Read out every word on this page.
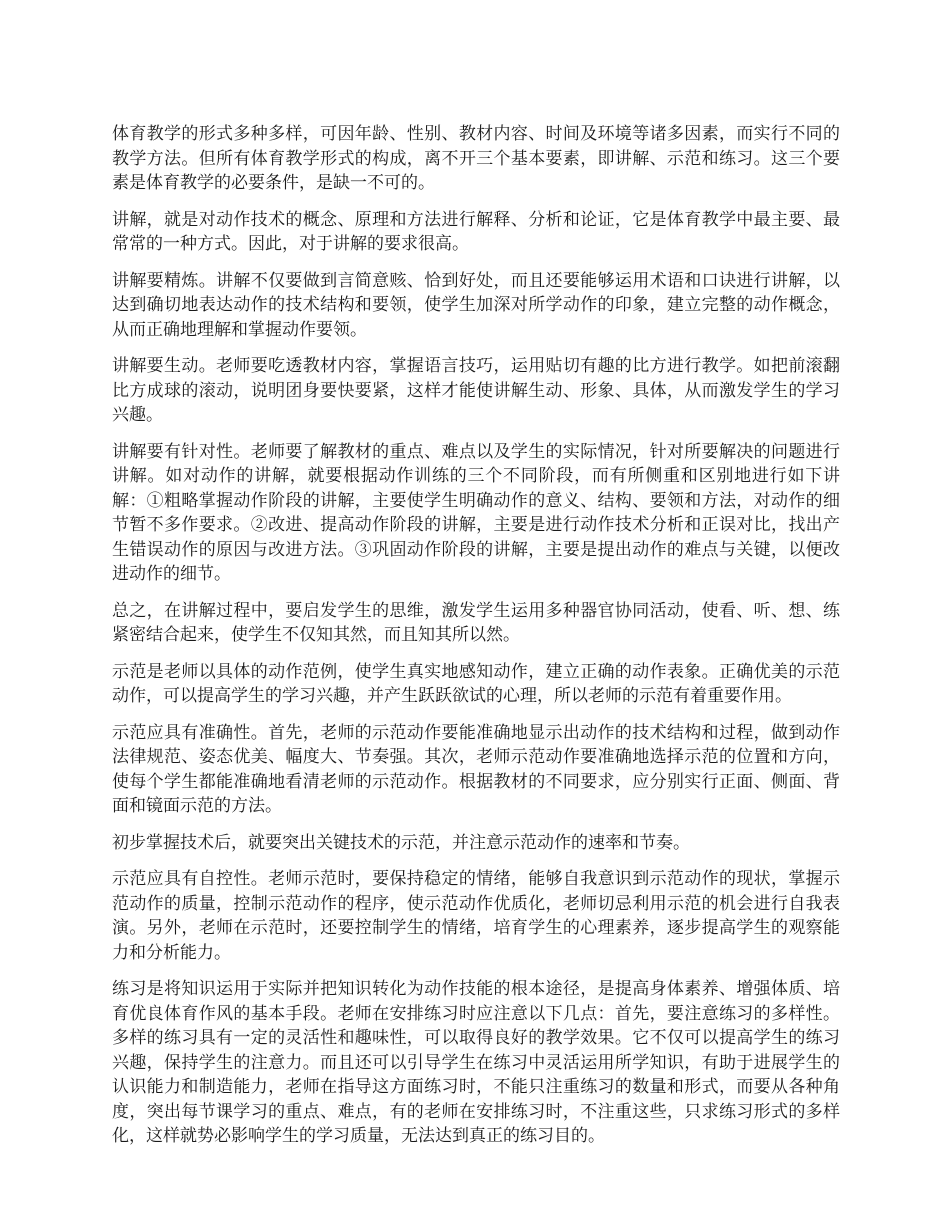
体育教学的形式多种多样，可因年龄、性别、教材内容、时间及环境等诸多因素，而实行不同的教学方法。但所有体育教学形式的构成，离不开三个基本要素，即讲解、示范和练习。这三个要素是体育教学的必要条件，是缺一不可的。

讲解，就是对动作技术的概念、原理和方法进行解释、分析和论证，它是体育教学中最主要、最常常的一种方式。因此，对于讲解的要求很高。

讲解要精炼。讲解不仅要做到言简意赅、恰到好处，而且还要能够运用术语和口诀进行讲解，以达到确切地表达动作的技术结构和要领，使学生加深对所学动作的印象，建立完整的动作概念，从而正确地理解和掌握动作要领。

讲解要生动。老师要吃透教材内容，掌握语言技巧，运用贴切有趣的比方进行教学。如把前滚翻比方成球的滚动，说明团身要快要紧，这样才能使讲解生动、形象、具体，从而激发学生的学习兴趣。

讲解要有针对性。老师要了解教材的重点、难点以及学生的实际情况，针对所要解决的问题进行讲解。如对动作的讲解，就要根据动作训练的三个不同阶段，而有所侧重和区别地进行如下讲解：①粗略掌握动作阶段的讲解，主要使学生明确动作的意义、结构、要领和方法，对动作的细节暂不多作要求。②改进、提高动作阶段的讲解，主要是进行动作技术分析和正误对比，找出产生错误动作的原因与改进方法。③巩固动作阶段的讲解，主要是提出动作的难点与关键，以便改进动作的细节。

总之，在讲解过程中，要启发学生的思维，激发学生运用多种器官协同活动，使看、听、想、练紧密结合起来，使学生不仅知其然，而且知其所以然。

示范是老师以具体的动作范例，使学生真实地感知动作，建立正确的动作表象。正确优美的示范动作，可以提高学生的学习兴趣，并产生跃跃欲试的心理，所以老师的示范有着重要作用。

示范应具有准确性。首先，老师的示范动作要能准确地显示出动作的技术结构和过程，做到动作法律规范、姿态优美、幅度大、节奏强。其次，老师示范动作要准确地选择示范的位置和方向，使每个学生都能准确地看清老师的示范动作。根据教材的不同要求，应分别实行正面、侧面、背面和镜面示范的方法。

初步掌握技术后，就要突出关键技术的示范，并注意示范动作的速率和节奏。

示范应具有自控性。老师示范时，要保持稳定的情绪，能够自我意识到示范动作的现状，掌握示范动作的质量，控制示范动作的程序，使示范动作优质化，老师切忌利用示范的机会进行自我表演。另外，老师在示范时，还要控制学生的情绪，培育学生的心理素养，逐步提高学生的观察能力和分析能力。

练习是将知识运用于实际并把知识转化为动作技能的根本途径，是提高身体素养、增强体质、培育优良体育作风的基本手段。老师在安排练习时应注意以下几点：首先，要注意练习的多样性。多样的练习具有一定的灵活性和趣味性，可以取得良好的教学效果。它不仅可以提高学生的练习兴趣，保持学生的注意力。而且还可以引导学生在练习中灵活运用所学知识，有助于进展学生的认识能力和制造能力，老师在指导这方面练习时，不能只注重练习的数量和形式，而要从各种角度，突出每节课学习的重点、难点，有的老师在安排练习时，不注重这些，只求练习形式的多样化，这样就势必影响学生的学习质量，无法达到真正的练习目的。
